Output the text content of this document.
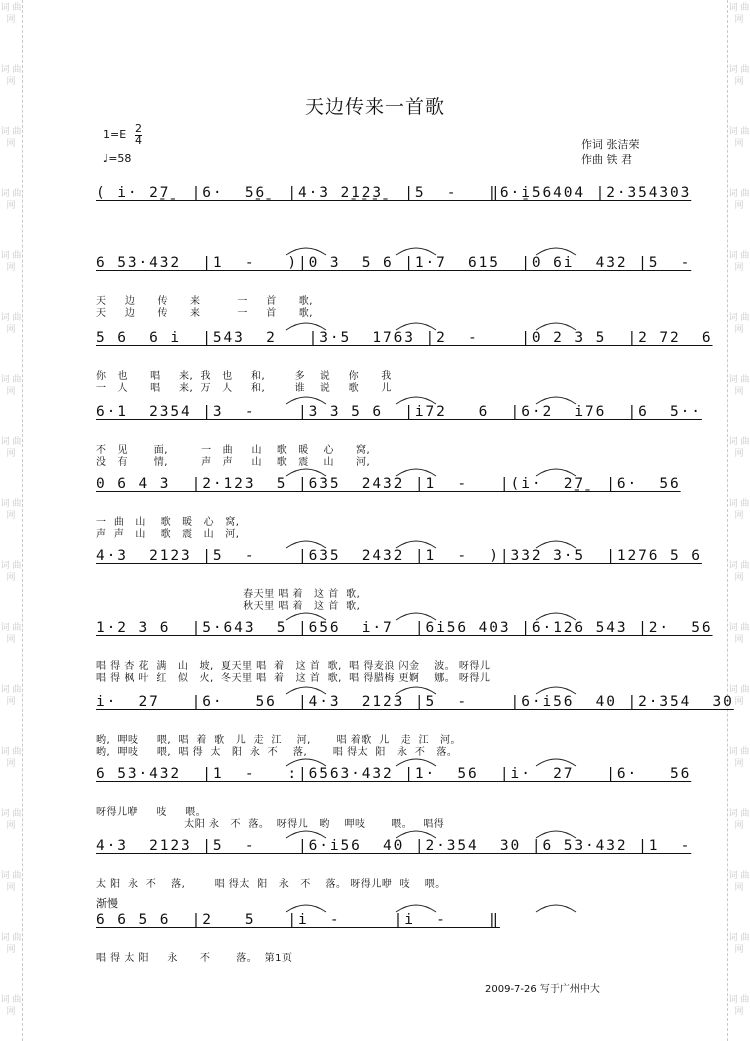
词 曲 网
词 曲 网
词 曲 网
词 曲 网
词 曲 网
词 曲 网
词 曲 网
词 曲 网
词 曲 网
词 曲 网
词 曲 网
词 曲 网
词 曲 网
词 曲 网
词 曲 网
词 曲 网
词 曲 网
词 曲 网
词 曲 网
词 曲 网
词 曲 网
词 曲 网
词 曲 网
词 曲 网
词 曲 网
词 曲 网
词 曲 网
词 曲 网
词 曲 网
词 曲 网
词 曲 网
词 曲 网
词 曲 网
词 曲 网
天边传来一首歌
$1=E \frac{2}{4}$
♩=58
作词 张洁荣
作曲 铁 君
( i· 2̱7̱  |6·  5̱6̱  |4·3 2̱1̱2̱3̱  |5  -   ‖6·i̱56404 |2·354303
6 53·432  |1  -   )|0 3  5 6 |1·7  615  |0 6i  432 |5  -
天     边      传      来          一     首      歌,
天     边      传      来          一     首      歌,
5 6  6 i  |543  2   |3·5  1763 |2  -    |0 2 3 5  |2 72  6
你   也      唱     来,  我   也     和,        多    说     你      我
一   人      唱     来,  万   人     和,        谁    说     歌      儿
6·1  2354 |3  -    |3 3 5 6  |i72   6  |6·2  i76  |6  5··
不   见       面,         一   曲     山    歌   暖    心      窝,
没   有       情,         声   声     山    歌   震    山      河,
0 6 4 3  |2·123  5 |635  2432 |1  -   |(i·  2̱7̱  |6·  56
一  曲   山    歌   暖   心   窝,
声  声   山    歌   震   山   河,
4·3  2123 |5  -    |635  2432 |1  -  )|332 3·5  |1276 5 6
春天里 唱 着   这 首  歌,
秋天里 唱 着   这 首  歌,
1·2 3 6  |5·643  5 |656  i·7  |6i56 403 |6·126 543 |2·  56
唱 得 杏 花  满   山   坡,  夏天里 唱  着   这 首  歌,  唱 得麦浪 闪金    波。 呀得儿
唱 得 枫 叶  红   似   火,  冬天里 唱  着   这 首  歌,  唱 得腊梅 更婀    娜。 呀得儿
i·  27   |6·   56  |4·3  2123 |5  -    |6·i56  40 |2·354  30
哟,  呷吱     喂,  唱  着  歌   儿  走  江    河,       唱 着歌  儿   走  江   河。
哟,  呷吱     喂,  唱 得  太   阳  永  不    落,       唱 得太  阳   永  不   落。
6 53·432  |1  -   :|6563·432 |1·  56  |i·  27   |6·   56
呀得儿咿     吱     喂。
太阳 永   不  落。  呀得儿   哟    呷吱       喂。   唱得
4·3  2123 |5  -    |6·i56  40 |2·354  30 |6 53·432 |1  -
太 阳  永  不    落,        唱 得太  阳   永   不    落。 呀得儿咿  吱    喂。
6 6 5 6  |2   5   |i  -     |i  -    ‖
唱 得 太 阳     永      不       落。  第1页
渐慢
2009-7-26 写于广州中大
